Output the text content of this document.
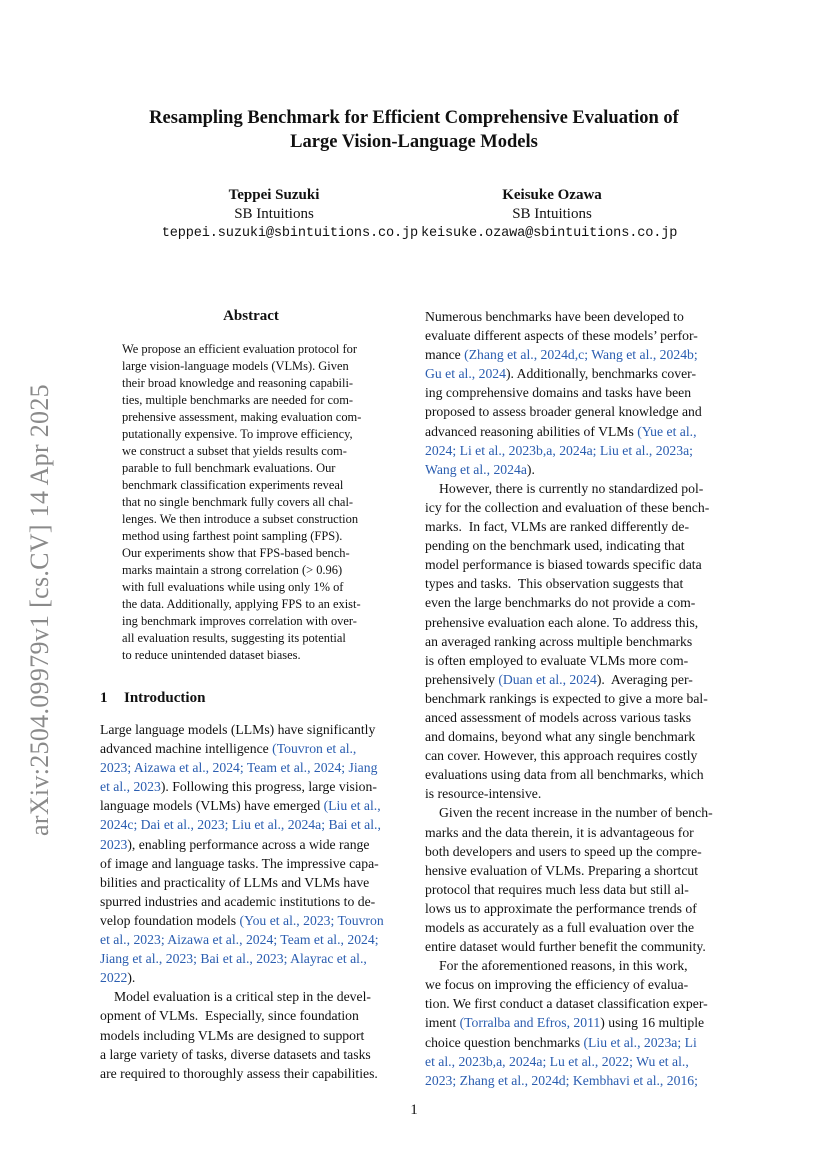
arXiv:2504.09979v1 [cs.CV] 14 Apr 2025
Resampling Benchmark for Efficient Comprehensive Evaluation of
Large Vision-Language Models
Teppei Suzuki
SB Intuitions
Keisuke Ozawa
SB Intuitions
teppei.suzuki@sbintuitions.co.jp keisuke.ozawa@sbintuitions.co.jp
Abstract
We propose an efficient evaluation protocol for
large vision-language models (VLMs). Given
their broad knowledge and reasoning capabili-
ties, multiple benchmarks are needed for com-
prehensive assessment, making evaluation com-
putationally expensive. To improve efficiency,
we construct a subset that yields results com-
parable to full benchmark evaluations. Our
benchmark classification experiments reveal
that no single benchmark fully covers all chal-
lenges. We then introduce a subset construction
method using farthest point sampling (FPS).
Our experiments show that FPS-based bench-
marks maintain a strong correlation (> 0.96)
with full evaluations while using only 1% of
the data. Additionally, applying FPS to an exist-
ing benchmark improves correlation with over-
all evaluation results, suggesting its potential
to reduce unintended dataset biases.
1 Introduction
Large language models (LLMs) have significantly
advanced machine intelligence (Touvron et al.,
2023; Aizawa et al., 2024; Team et al., 2024; Jiang
et al., 2023). Following this progress, large vision-
language models (VLMs) have emerged (Liu et al.,
2024c; Dai et al., 2023; Liu et al., 2024a; Bai et al.,
2023), enabling performance across a wide range
of image and language tasks. The impressive capa-
bilities and practicality of LLMs and VLMs have
spurred industries and academic institutions to de-
velop foundation models (You et al., 2023; Touvron
et al., 2023; Aizawa et al., 2024; Team et al., 2024;
Jiang et al., 2023; Bai et al., 2023; Alayrac et al.,
2022).
Model evaluation is a critical step in the devel-
opment of VLMs.  Especially, since foundation
models including VLMs are designed to support
a large variety of tasks, diverse datasets and tasks
are required to thoroughly assess their capabilities.
Numerous benchmarks have been developed to
evaluate different aspects of these models’ perfor-
mance (Zhang et al., 2024d,c; Wang et al., 2024b;
Gu et al., 2024). Additionally, benchmarks cover-
ing comprehensive domains and tasks have been
proposed to assess broader general knowledge and
advanced reasoning abilities of VLMs (Yue et al.,
2024; Li et al., 2023b,a, 2024a; Liu et al., 2023a;
Wang et al., 2024a).
However, there is currently no standardized pol-
icy for the collection and evaluation of these bench-
marks.  In fact, VLMs are ranked differently de-
pending on the benchmark used, indicating that
model performance is biased towards specific data
types and tasks.  This observation suggests that
even the large benchmarks do not provide a com-
prehensive evaluation each alone. To address this,
an averaged ranking across multiple benchmarks
is often employed to evaluate VLMs more com-
prehensively (Duan et al., 2024).  Averaging per-
benchmark rankings is expected to give a more bal-
anced assessment of models across various tasks
and domains, beyond what any single benchmark
can cover. However, this approach requires costly
evaluations using data from all benchmarks, which
is resource-intensive.
Given the recent increase in the number of bench-
marks and the data therein, it is advantageous for
both developers and users to speed up the compre-
hensive evaluation of VLMs. Preparing a shortcut
protocol that requires much less data but still al-
lows us to approximate the performance trends of
models as accurately as a full evaluation over the
entire dataset would further benefit the community.
For the aforementioned reasons, in this work,
we focus on improving the efficiency of evalua-
tion. We first conduct a dataset classification exper-
iment (Torralba and Efros, 2011) using 16 multiple
choice question benchmarks (Liu et al., 2023a; Li
et al., 2023b,a, 2024a; Lu et al., 2022; Wu et al.,
2023; Zhang et al., 2024d; Kembhavi et al., 2016;
1
